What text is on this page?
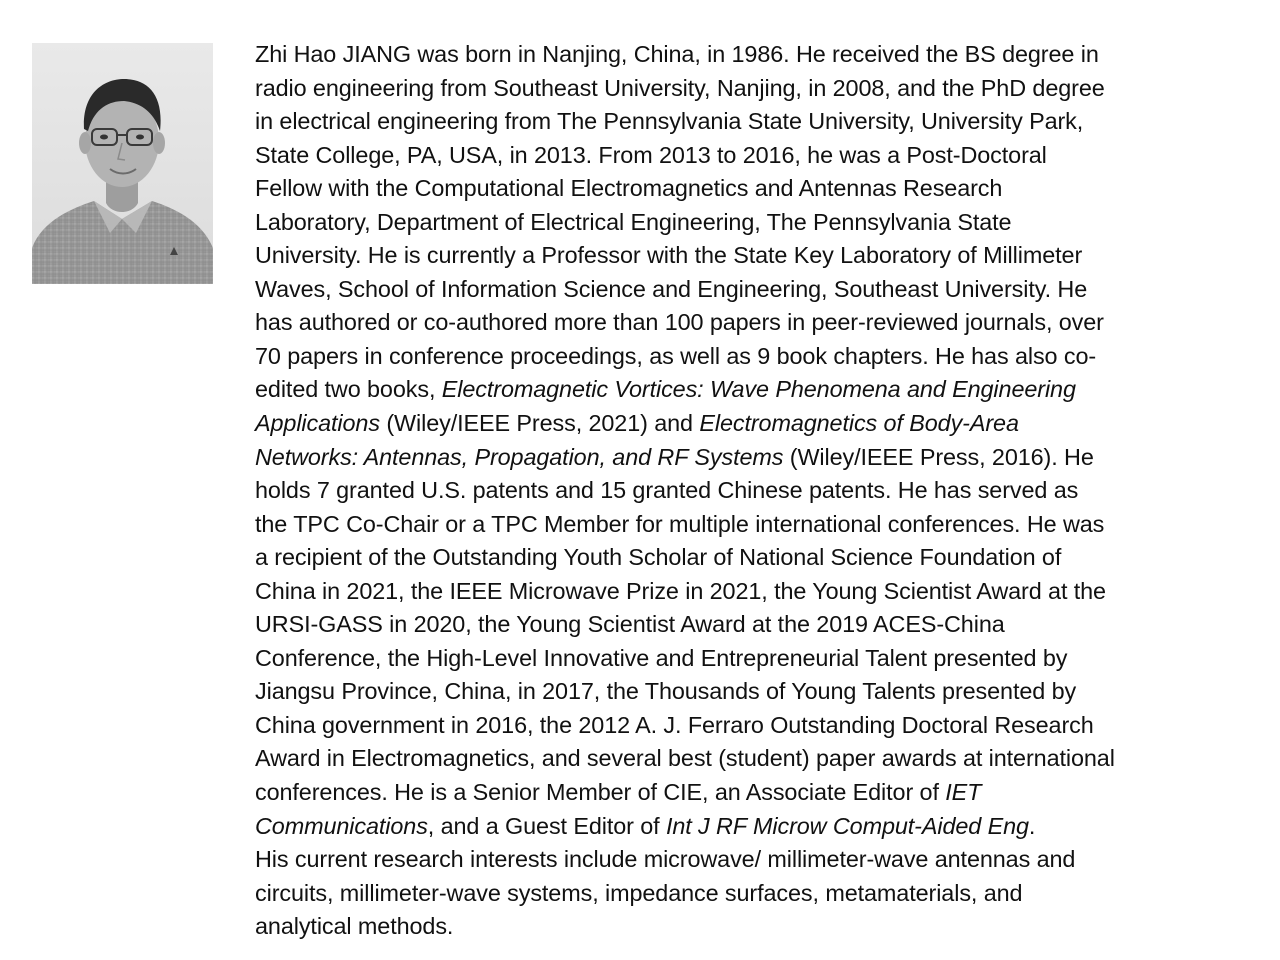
Zhi Hao JIANG was born in Nanjing, China, in 1986. He received the BS degree in
radio engineering from Southeast University, Nanjing, in 2008, and the PhD degree
in electrical engineering from The Pennsylvania State University, University Park,
State College, PA, USA, in 2013. From 2013 to 2016, he was a Post-Doctoral
Fellow with the Computational Electromagnetics and Antennas Research
Laboratory, Department of Electrical Engineering, The Pennsylvania State
University. He is currently a Professor with the State Key Laboratory of Millimeter
Waves, School of Information Science and Engineering, Southeast University. He
has authored or co-authored more than 100 papers in peer-reviewed journals, over
70 papers in conference proceedings, as well as 9 book chapters. He has also co-
edited two books, Electromagnetic Vortices: Wave Phenomena and Engineering
Applications (Wiley/IEEE Press, 2021) and Electromagnetics of Body-Area
Networks: Antennas, Propagation, and RF Systems (Wiley/IEEE Press, 2016). He
holds 7 granted U.S. patents and 15 granted Chinese patents. He has served as
the TPC Co-Chair or a TPC Member for multiple international conferences. He was
a recipient of the Outstanding Youth Scholar of National Science Foundation of
China in 2021, the IEEE Microwave Prize in 2021, the Young Scientist Award at the
URSI-GASS in 2020, the Young Scientist Award at the 2019 ACES-China
Conference, the High-Level Innovative and Entrepreneurial Talent presented by
Jiangsu Province, China, in 2017, the Thousands of Young Talents presented by
China government in 2016, the 2012 A. J. Ferraro Outstanding Doctoral Research
Award in Electromagnetics, and several best (student) paper awards at international
conferences. He is a Senior Member of CIE, an Associate Editor of IET
Communications, and a Guest Editor of Int J RF Microw Comput-Aided Eng.
His current research interests include microwave/ millimeter-wave antennas and
circuits, millimeter-wave systems, impedance surfaces, metamaterials, and
analytical methods.
